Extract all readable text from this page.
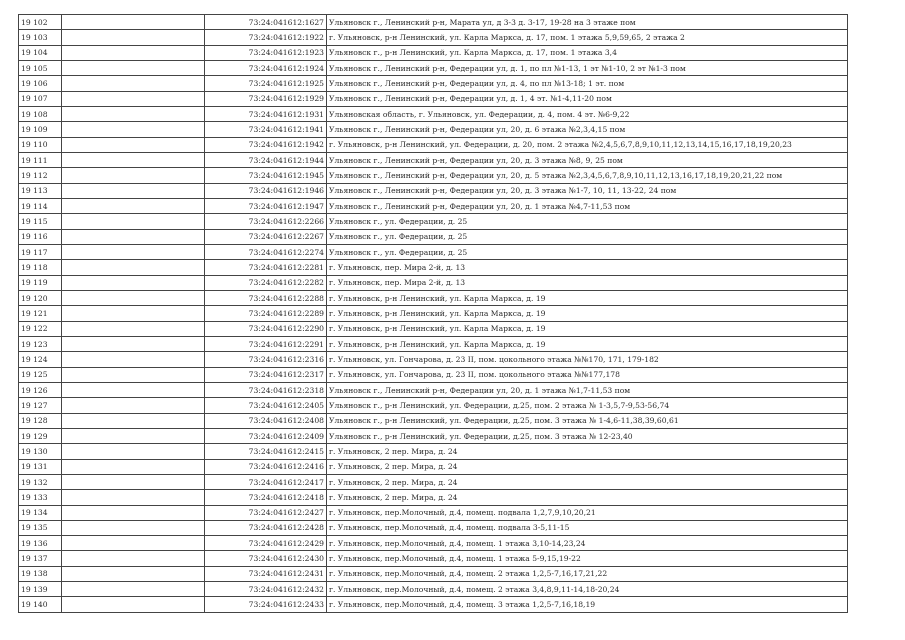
19 102		73:24:041612:1627	Ульяновск г., Ленинский р-н, Марата ул, д 3-3 д. 3-17, 19-28 на 3 этаже пом
19 103		73:24:041612:1922	г. Ульяновск, р-н Ленинский, ул. Карла Маркса, д. 17, пом. 1 этажа 5,9,59,65, 2 этажа 2
19 104		73:24:041612:1923	Ульяновск г., р-н Ленинский, ул. Карла Маркса, д. 17, пом. 1 этажа 3,4
19 105		73:24:041612:1924	Ульяновск г., Ленинский р-н, Федерации ул, д. 1, по пл №1-13, 1 эт №1-10, 2 эт №1-3 пом
19 106		73:24:041612:1925	Ульяновск г., Ленинский р-н, Федерации ул, д. 4, по пл №13-18; 1 эт. пом
19 107		73:24:041612:1929	Ульяновск г., Ленинский р-н, Федерации ул, д. 1, 4 эт. №1-4,11-20 пом
19 108		73:24:041612:1931	Ульяновская область, г. Ульяновск, ул. Федерации, д. 4, пом. 4 эт. №6-9,22
19 109		73:24:041612:1941	Ульяновск г., Ленинский р-н, Федерации ул, 20, д. 6 этажа №2,3,4,15 пом
19 110		73:24:041612:1942	г. Ульяновск, р-н Ленинский, ул. Федерации, д. 20, пом. 2 этажа №2,4,5,6,7,8,9,10,11,12,13,14,15,16,17,18,19,20,23
19 111		73:24:041612:1944	Ульяновск г., Ленинский р-н, Федерации ул, 20, д. 3 этажа №8, 9, 25 пом
19 112		73:24:041612:1945	Ульяновск г., Ленинский р-н, Федерации ул, 20, д. 5 этажа №2,3,4,5,6,7,8,9,10,11,12,13,16,17,18,19,20,21,22 пом
19 113		73:24:041612:1946	Ульяновск г., Ленинский р-н, Федерации ул, 20, д. 3 этажа №1-7, 10, 11, 13-22, 24 пом
19 114		73:24:041612:1947	Ульяновск г., Ленинский р-н, Федерации ул, 20, д. 1 этажа №4,7-11,53 пом
19 115		73:24:041612:2266	Ульяновск г., ул. Федерации, д. 25
19 116		73:24:041612:2267	Ульяновск г., ул. Федерации, д. 25
19 117		73:24:041612:2274	Ульяновск г., ул. Федерации, д. 25
19 118		73:24:041612:2281	г. Ульяновск, пер. Мира 2-й, д. 13
19 119		73:24:041612:2282	г. Ульяновск, пер. Мира 2-й, д. 13
19 120		73:24:041612:2288	г. Ульяновск, р-н Ленинский, ул. Карла Маркса, д. 19
19 121		73:24:041612:2289	г. Ульяновск, р-н Ленинский, ул. Карла Маркса, д. 19
19 122		73:24:041612:2290	г. Ульяновск, р-н Ленинский, ул. Карла Маркса, д. 19
19 123		73:24:041612:2291	г. Ульяновск, р-н Ленинский, ул. Карла Маркса, д. 19
19 124		73:24:041612:2316	г. Ульяновск, ул. Гончарова, д. 23 II, пом. цокольного этажа №№170, 171, 179-182
19 125		73:24:041612:2317	г. Ульяновск, ул. Гончарова, д. 23 II, пом. цокольного этажа №№177,178
19 126		73:24:041612:2318	Ульяновск г., Ленинский р-н, Федерации ул, 20, д. 1 этажа №1,7-11,53 пом
19 127		73:24:041612:2405	Ульяновск г., р-н Ленинский, ул. Федерации, д.25, пом. 2 этажа № 1-3,5,7-9,53-56,74
19 128		73:24:041612:2408	Ульяновск г., р-н Ленинский, ул. Федерации, д.25, пом. 3 этажа № 1-4,6-11,38,39,60,61
19 129		73:24:041612:2409	Ульяновск г., р-н Ленинский, ул. Федерации, д.25, пом. 3 этажа № 12-23,40
19 130		73:24:041612:2415	г. Ульяновск, 2 пер. Мира, д. 24
19 131		73:24:041612:2416	г. Ульяновск, 2 пер. Мира, д. 24
19 132		73:24:041612:2417	г. Ульяновск, 2 пер. Мира, д. 24
19 133		73:24:041612:2418	г. Ульяновск, 2 пер. Мира, д. 24
19 134		73:24:041612:2427	г. Ульяновск, пер.Молочный, д.4, помещ. подвала 1,2,7,9,10,20,21
19 135		73:24:041612:2428	г. Ульяновск, пер.Молочный, д.4, помещ. подвала 3-5,11-15
19 136		73:24:041612:2429	г. Ульяновск, пер.Молочный, д.4, помещ. 1 этажа 3,10-14,23,24
19 137		73:24:041612:2430	г. Ульяновск, пер.Молочный, д.4, помещ. 1 этажа 5-9,15,19-22
19 138		73:24:041612:2431	г. Ульяновск, пер.Молочный, д.4, помещ. 2 этажа 1,2,5-7,16,17,21,22
19 139		73:24:041612:2432	г. Ульяновск, пер.Молочный, д.4, помещ. 2 этажа 3,4,8,9,11-14,18-20,24
19 140		73:24:041612:2433	г. Ульяновск, пер.Молочный, д.4, помещ. 3 этажа 1,2,5-7,16,18,19
